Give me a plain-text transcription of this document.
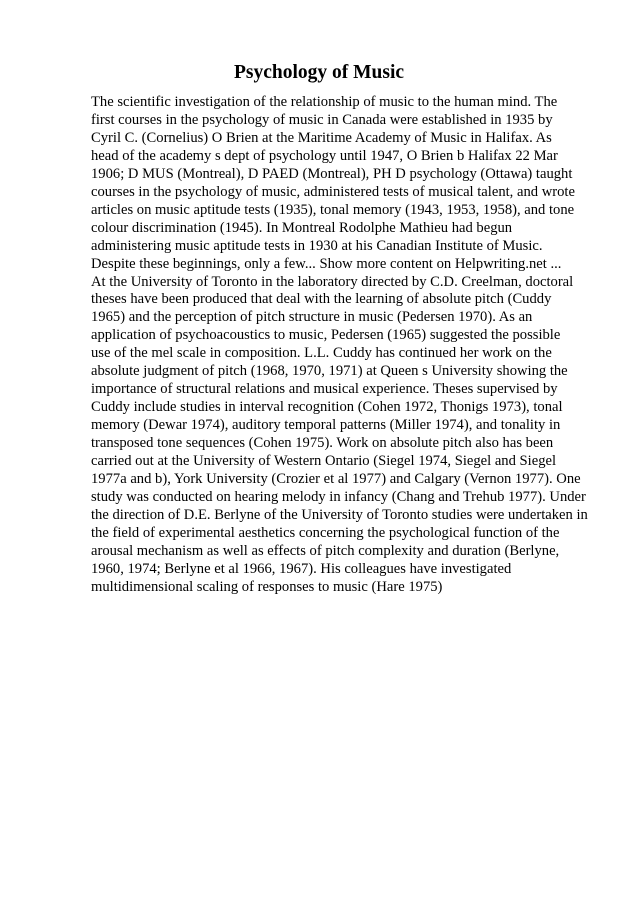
Psychology of Music
The scientific investigation of the relationship of music to the human mind. The
first courses in the psychology of music in Canada were established in 1935 by
Cyril C. (Cornelius) O Brien at the Maritime Academy of Music in Halifax. As
head of the academy s dept of psychology until 1947, O Brien b Halifax 22 Mar
1906; D MUS (Montreal), D PAED (Montreal), PH D psychology (Ottawa) taught
courses in the psychology of music, administered tests of musical talent, and wrote
articles on music aptitude tests (1935), tonal memory (1943, 1953, 1958), and tone
colour discrimination (1945). In Montreal Rodolphe Mathieu had begun
administering music aptitude tests in 1930 at his Canadian Institute of Music.
Despite these beginnings, only a few... Show more content on Helpwriting.net ...
At the University of Toronto in the laboratory directed by C.D. Creelman, doctoral
theses have been produced that deal with the learning of absolute pitch (Cuddy
1965) and the perception of pitch structure in music (Pedersen 1970). As an
application of psychoacoustics to music, Pedersen (1965) suggested the possible
use of the mel scale in composition. L.L. Cuddy has continued her work on the
absolute judgment of pitch (1968, 1970, 1971) at Queen s University showing the
importance of structural relations and musical experience. Theses supervised by
Cuddy include studies in interval recognition (Cohen 1972, Thonigs 1973), tonal
memory (Dewar 1974), auditory temporal patterns (Miller 1974), and tonality in
transposed tone sequences (Cohen 1975). Work on absolute pitch also has been
carried out at the University of Western Ontario (Siegel 1974, Siegel and Siegel
1977a and b), York University (Crozier et al 1977) and Calgary (Vernon 1977). One
study was conducted on hearing melody in infancy (Chang and Trehub 1977). Under
the direction of D.E. Berlyne of the University of Toronto studies were undertaken in
the field of experimental aesthetics concerning the psychological function of the
arousal mechanism as well as effects of pitch complexity and duration (Berlyne,
1960, 1974; Berlyne et al 1966, 1967). His colleagues have investigated
multidimensional scaling of responses to music (Hare 1975)
